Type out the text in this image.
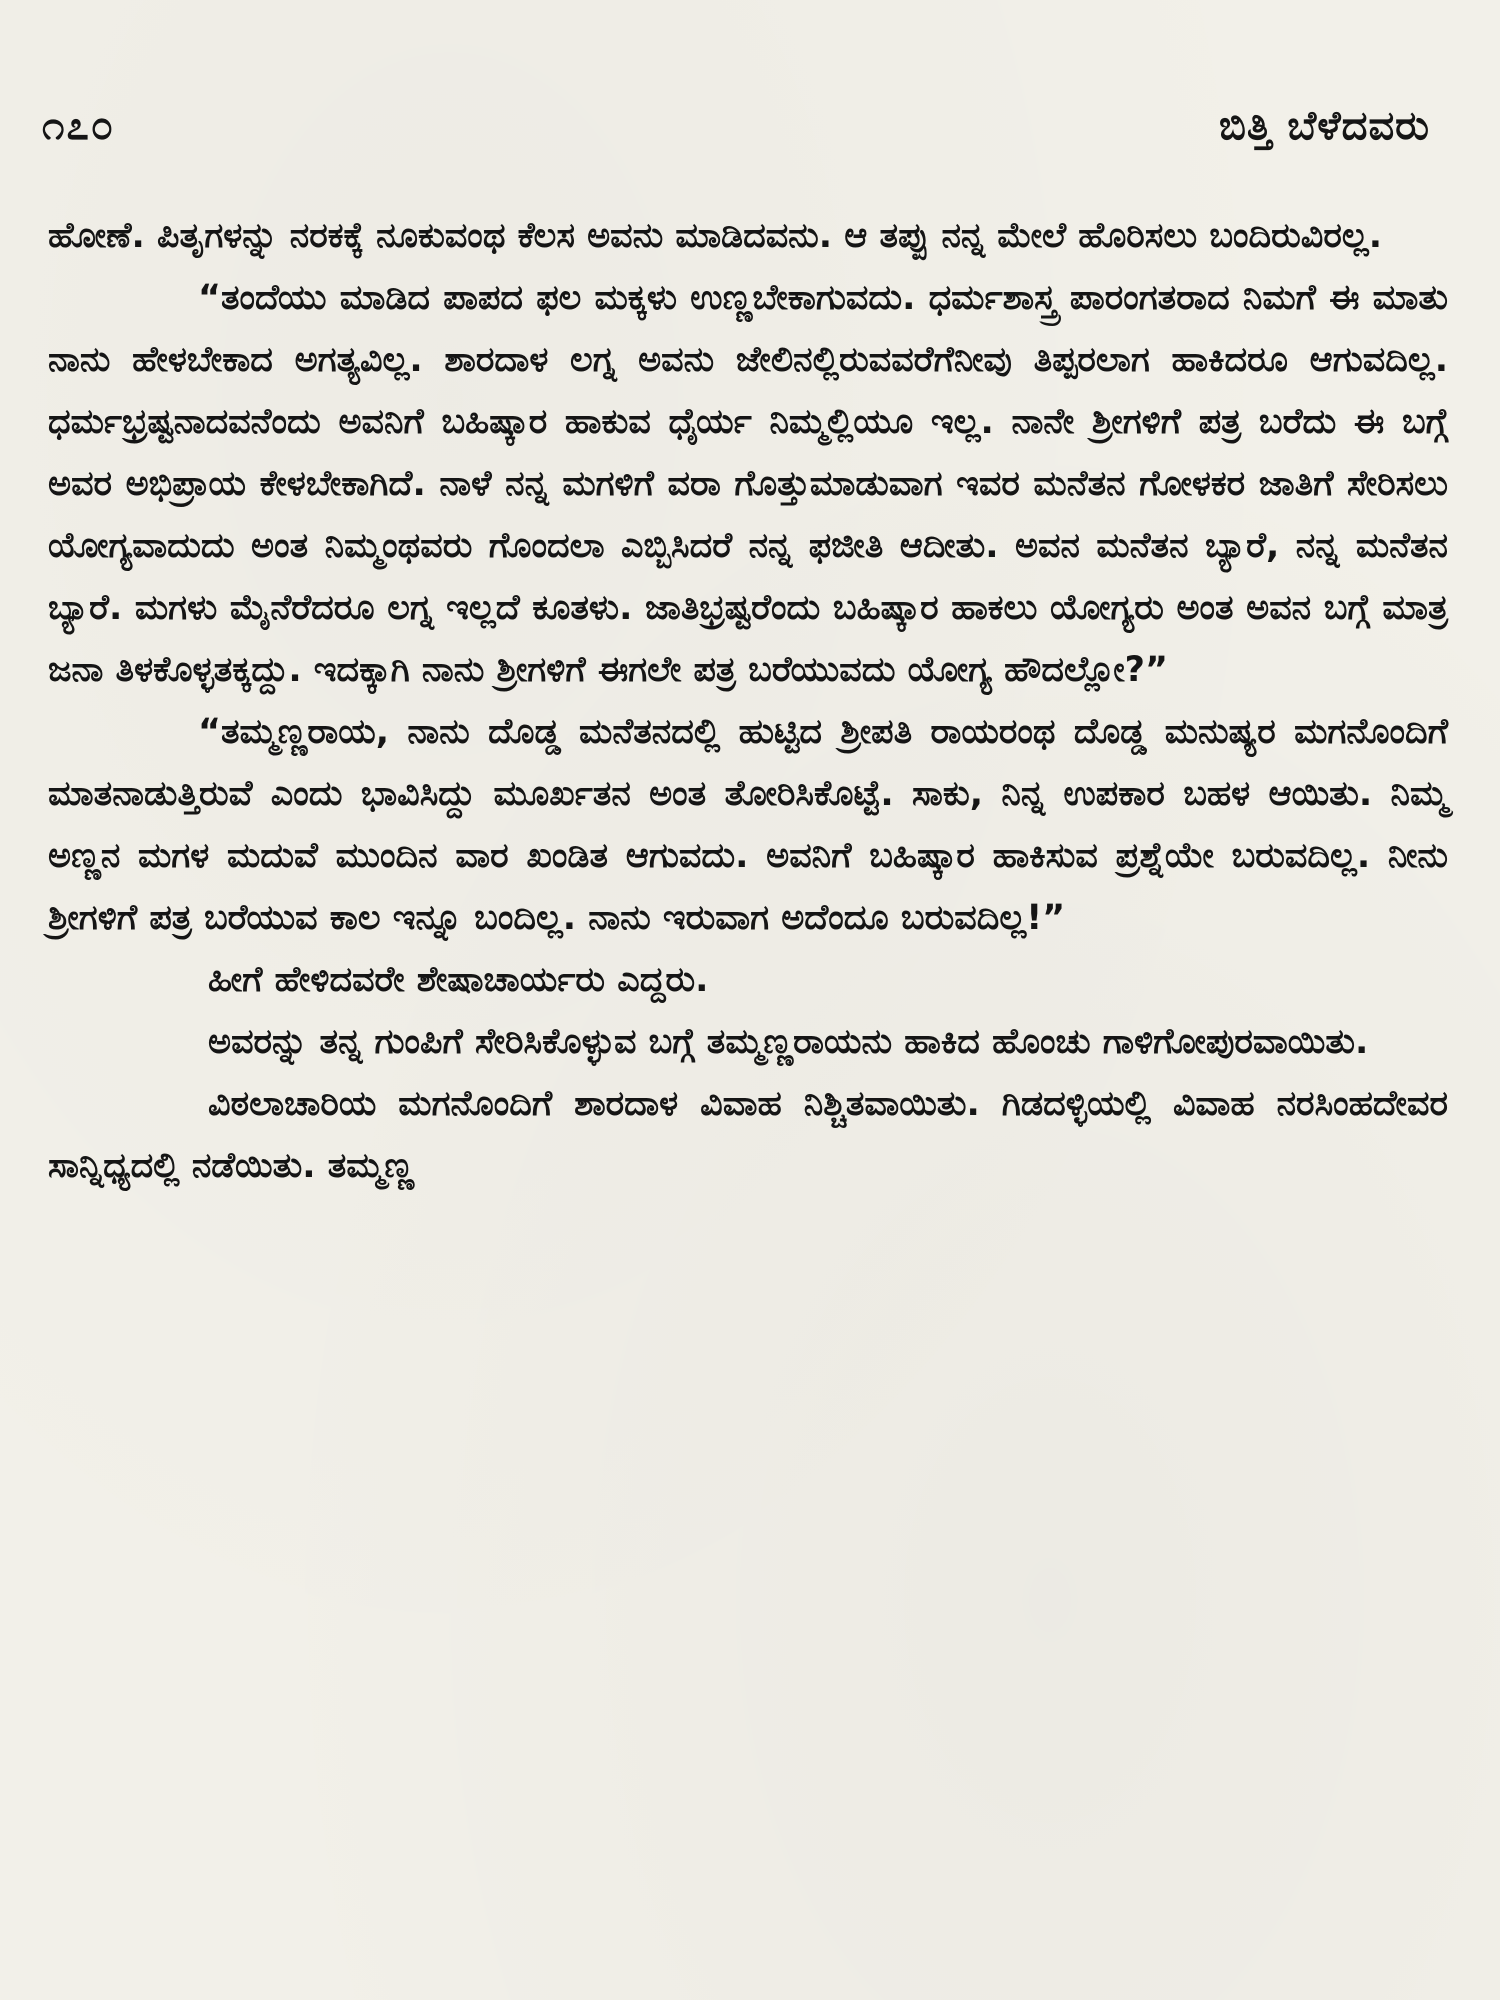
೧೭೦	ಬಿತ್ತಿ ಬೆಳೆದವರು

ಹೋಣೆ. ಪಿತೃಗಳನ್ನು ನರಕಕ್ಕೆ ನೂಕುವಂಥ ಕೆಲಸ ಅವನು ಮಾಡಿದವನು. ಆ ತಪ್ಪು ನನ್ನ ಮೇಲೆ ಹೊರಿಸಲು ಬಂದಿರುವಿರಲ್ಲ.

“ತಂದೆಯು ಮಾಡಿದ ಪಾಪದ ಫಲ ಮಕ್ಕಳು ಉಣ್ಣಬೇಕಾಗುವದು. ಧರ್ಮಶಾಸ್ತ್ರ ಪಾರಂಗತರಾದ ನಿಮಗೆ ಈ ಮಾತು ನಾನು ಹೇಳಬೇಕಾದ ಅಗತ್ಯವಿಲ್ಲ. ಶಾರದಾಳ ಲಗ್ನ ಅವನು ಜೇಲಿನಲ್ಲಿರುವವರೆಗೆನೀವು ತಿಪ್ಪರಲಾಗ ಹಾಕಿದರೂ ಆಗುವದಿಲ್ಲ. ಧರ್ಮಭ್ರಷ್ಟನಾದವನೆಂದು ಅವನಿಗೆ ಬಹಿಷ್ಕಾರ ಹಾಕುವ ಧೈರ್ಯ ನಿಮ್ಮಲ್ಲಿಯೂ ಇಲ್ಲ. ನಾನೇ ಶ್ರೀಗಳಿಗೆ ಪತ್ರ ಬರೆದು ಈ ಬಗ್ಗೆ ಅವರ ಅಭಿಪ್ರಾಯ ಕೇಳಬೇಕಾಗಿದೆ. ನಾಳೆ ನನ್ನ ಮಗಳಿಗೆ ವರಾ ಗೊತ್ತುಮಾಡುವಾಗ ಇವರ ಮನೆತನ ಗೋಳಕರ ಜಾತಿಗೆ ಸೇರಿಸಲು ಯೋಗ್ಯವಾದುದು ಅಂತ ನಿಮ್ಮಂಥವರು ಗೊಂದಲಾ ಎಬ್ಬಿಸಿದರೆ ನನ್ನ ಫಜೀತಿ ಆದೀತು. ಅವನ ಮನೆತನ ಬ್ಯಾರೆ, ನನ್ನ ಮನೆತನ ಬ್ಯಾರೆ. ಮಗಳು ಮೈನೆರೆದರೂ ಲಗ್ನ ಇಲ್ಲದೆ ಕೂತಳು. ಜಾತಿಭ್ರಷ್ಟರೆಂದು ಬಹಿಷ್ಕಾರ ಹಾಕಲು ಯೋಗ್ಯರು ಅಂತ ಅವನ ಬಗ್ಗೆ ಮಾತ್ರ ಜನಾ ತಿಳಕೊಳ್ಳತಕ್ಕದ್ದು. ಇದಕ್ಕಾಗಿ ನಾನು ಶ್ರೀಗಳಿಗೆ ಈಗಲೇ ಪತ್ರ ಬರೆಯುವದು ಯೋಗ್ಯ ಹೌದಲ್ಲೋ?”

“ತಮ್ಮಣ್ಣರಾಯ, ನಾನು ದೊಡ್ಡ ಮನೆತನದಲ್ಲಿ ಹುಟ್ಟಿದ ಶ್ರೀಪತಿ ರಾಯರಂಥ ದೊಡ್ಡ ಮನುಷ್ಯರ ಮಗನೊಂದಿಗೆ ಮಾತನಾಡುತ್ತಿರುವೆ ಎಂದು ಭಾವಿಸಿದ್ದು ಮೂರ್ಖತನ ಅಂತ ತೋರಿಸಿಕೊಟ್ಟೆ. ಸಾಕು, ನಿನ್ನ ಉಪಕಾರ ಬಹಳ ಆಯಿತು. ನಿಮ್ಮ ಅಣ್ಣನ ಮಗಳ ಮದುವೆ ಮುಂದಿನ ವಾರ ಖಂಡಿತ ಆಗುವದು. ಅವನಿಗೆ ಬಹಿಷ್ಕಾರ ಹಾಕಿಸುವ ಪ್ರಶ್ನೆಯೇ ಬರುವದಿಲ್ಲ. ನೀನು ಶ್ರೀಗಳಿಗೆ ಪತ್ರ ಬರೆಯುವ ಕಾಲ ಇನ್ನೂ ಬಂದಿಲ್ಲ. ನಾನು ಇರುವಾಗ ಅದೆಂದೂ ಬರುವದಿಲ್ಲ!”

ಹೀಗೆ ಹೇಳಿದವರೇ ಶೇಷಾಚಾರ್ಯರು ಎದ್ದರು.

ಅವರನ್ನು ತನ್ನ ಗುಂಪಿಗೆ ಸೇರಿಸಿಕೊಳ್ಳುವ ಬಗ್ಗೆ ತಮ್ಮಣ್ಣರಾಯನು ಹಾಕಿದ ಹೊಂಚು ಗಾಳಿಗೋಪುರವಾಯಿತು.

ವಿಠಲಾಚಾರಿಯ ಮಗನೊಂದಿಗೆ ಶಾರದಾಳ ವಿವಾಹ ನಿಶ್ಚಿತವಾಯಿತು. ಗಿಡದಳ್ಳಿಯಲ್ಲಿ ವಿವಾಹ ನರಸಿಂಹದೇವರ ಸಾನ್ನಿಧ್ಯದಲ್ಲಿ ನಡೆಯಿತು. ತಮ್ಮಣ್ಣ
